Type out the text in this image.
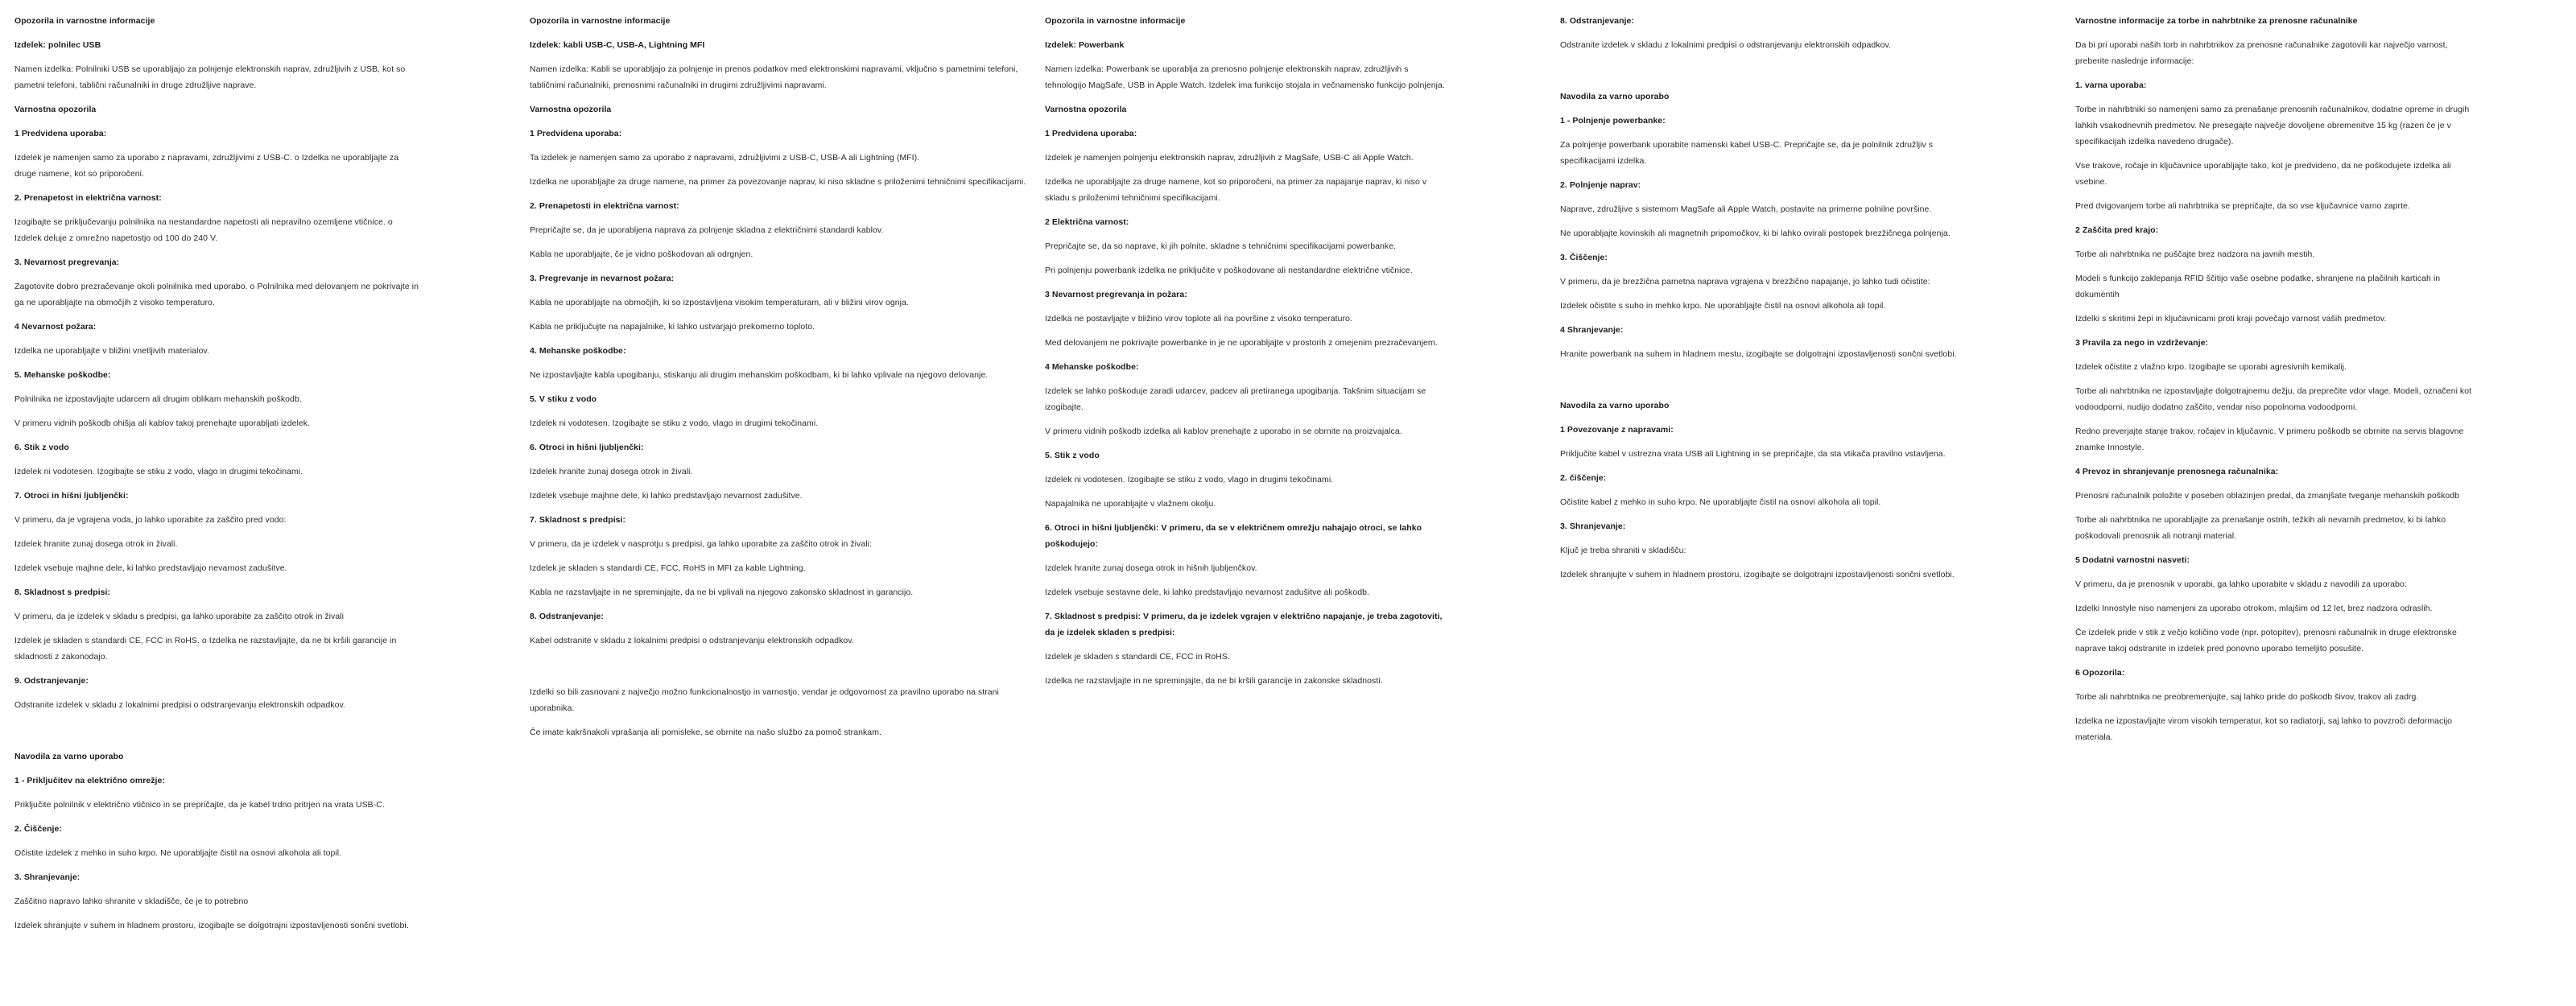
Opozorila in varnostne informacije

Izdelek: polnilec USB

Namen izdelka: Polnilniki USB se uporabljajo za polnjenje elektronskih naprav, združljivih z USB, kot so pametni telefoni, tablični računalniki in druge združljive naprave.

Varnostna opozorila

1 Predvidena uporaba:

Izdelek je namenjen samo za uporabo z napravami, združljivimi z USB-C. o Izdelka ne uporabljajte za druge namene, kot so priporočeni.

2. Prenapetost in električna varnost:

Izogibajte se priključevanju polnilnika na nestandardne napetosti ali nepravilno ozemljene vtičnice. o Izdelek deluje z omrežno napetostjo od 100 do 240 V.

3. Nevarnost pregrevanja:

Zagotovite dobro prezračevanje okoli polnilnika med uporabo. o Polnilnika med delovanjem ne pokrivajte in ga ne uporabljajte na območjih z visoko temperaturo.

4 Nevarnost požara:

Izdelka ne uporabljajte v bližini vnetljivih materialov.

5. Mehanske poškodbe:

Polnilnika ne izpostavljajte udarcem ali drugim oblikam mehanskih poškodb.

V primeru vidnih poškodb ohišja ali kablov takoj prenehajte uporabljati izdelek.

6. Stik z vodo

Izdelek ni vodotesen. Izogibajte se stiku z vodo, vlago in drugimi tekočinami.

7. Otroci in hišni ljubljenčki:

V primeru, da je vgrajena voda, jo lahko uporabite za zaščito pred vodo:

Izdelek hranite zunaj dosega otrok in živali.

Izdelek vsebuje majhne dele, ki lahko predstavljajo nevarnost zadušitve.

8. Skladnost s predpisi:

V primeru, da je izdelek v skladu s predpisi, ga lahko uporabite za zaščito otrok in živali

Izdelek je skladen s standardi CE, FCC in RoHS. o Izdelka ne razstavljajte, da ne bi kršili garancije in skladnosti z zakonodajo.

9. Odstranjevanje:

Odstranite izdelek v skladu z lokalnimi predpisi o odstranjevanju elektronskih odpadkov.

Navodila za varno uporabo

1 - Priključitev na električno omrežje:

Priključite polnilnik v električno vtičnico in se prepričajte, da je kabel trdno pritrjen na vrata USB-C.

2. Čiščenje:

Očistite izdelek z mehko in suho krpo. Ne uporabljajte čistil na osnovi alkohola ali topil.

3. Shranjevanje:

Zaščitno napravo lahko shranite v skladišče, če je to potrebno

Izdelek shranjujte v suhem in hladnem prostoru, izogibajte se dolgotrajni izpostavljenosti sončni svetlobi.

Opozorila in varnostne informacije

Izdelek: kabli USB-C, USB-A, Lightning MFI

Namen izdelka: Kabli se uporabljajo za polnjenje in prenos podatkov med elektronskimi napravami, vključno s pametnimi telefoni, tabličnimi računalniki, prenosnimi računalniki in drugimi združljivimi napravami.

Varnostna opozorila

1 Predvidena uporaba:

Ta izdelek je namenjen samo za uporabo z napravami, združljivimi z USB-C, USB-A ali Lightning (MFI).

Izdelka ne uporabljajte za druge namene, na primer za povezovanje naprav, ki niso skladne s priloženimi tehničnimi specifikacijami.

2. Prenapetosti in električna varnost:

Prepričajte se, da je uporabljena naprava za polnjenje skladna z električnimi standardi kablov.

Kabla ne uporabljajte, če je vidno poškodovan ali odrgnjen.

3. Pregrevanje in nevarnost požara:

Kabla ne uporabljajte na območjih, ki so izpostavljena visokim temperaturam, ali v bližini virov ognja.

Kabla ne priključujte na napajalnike, ki lahko ustvarjajo prekomerno toploto.

4. Mehanske poškodbe:

Ne izpostavljajte kabla upogibanju, stiskanju ali drugim mehanskim poškodbam, ki bi lahko vplivale na njegovo delovanje.

5. V stiku z vodo

Izdelek ni vodotesen. Izogibajte se stiku z vodo, vlago in drugimi tekočinami.

6. Otroci in hišni ljubljenčki:

Izdelek hranite zunaj dosega otrok in živali.

Izdelek vsebuje majhne dele, ki lahko predstavljajo nevarnost zadušitve.

7. Skladnost s predpisi:

V primeru, da je izdelek v nasprotju s predpisi, ga lahko uporabite za zaščito otrok in živali:

Izdelek je skladen s standardi CE, FCC, RoHS in MFI za kable Lightning.

Kabla ne razstavljajte in ne spreminjajte, da ne bi vplivali na njegovo zakonsko skladnost in garancijo.

8. Odstranjevanje:

Kabel odstranite v skladu z lokalnimi predpisi o odstranjevanju elektronskih odpadkov.

Izdelki so bili zasnovani z največjo možno funkcionalnostjo in varnostjo, vendar je odgovornost za pravilno uporabo na strani uporabnika.

Če imate kakršnakoli vprašanja ali pomisleke, se obrnite na našo službo za pomoč strankam.

Opozorila in varnostne informacije

Izdelek: Powerbank

Namen izdelka: Powerbank se uporablja za prenosno polnjenje elektronskih naprav, združljivih s tehnologijo MagSafe, USB in Apple Watch. Izdelek ima funkcijo stojala in večnamensko funkcijo polnjenja.

Varnostna opozorila

1 Predvidena uporaba:

Izdelek je namenjen polnjenju elektronskih naprav, združljivih z MagSafe, USB-C ali Apple Watch.

Izdelka ne uporabljajte za druge namene, kot so priporočeni, na primer za napajanje naprav, ki niso v skladu s priloženimi tehničnimi specifikacijami.

2 Električna varnost:

Prepričajte se, da so naprave, ki jih polnite, skladne s tehničnimi specifikacijami powerbanke.

Pri polnjenju powerbank izdelka ne priključite v poškodovane ali nestandardne električne vtičnice.

3 Nevarnost pregrevanja in požara:

Izdelka ne postavljajte v bližino virov toplote ali na površine z visoko temperaturo.

Med delovanjem ne pokrivajte powerbanke in je ne uporabljajte v prostorih z omejenim prezračevanjem.

4 Mehanske poškodbe:

Izdelek se lahko poškoduje zaradi udarcev, padcev ali pretiranega upogibanja. Takšnim situacijam se izogibajte.

V primeru vidnih poškodb izdelka ali kablov prenehajte z uporabo in se obrnite na proizvajalca.

5. Stik z vodo

Izdelek ni vodotesen. Izogibajte se stiku z vodo, vlago in drugimi tekočinami.

Napajalnika ne uporabljajte v vlažnem okolju.

6. Otroci in hišni ljubljenčki: V primeru, da se v električnem omrežju nahajajo otroci, se lahko poškodujejo:

Izdelek hranite zunaj dosega otrok in hišnih ljubljenčkov.

Izdelek vsebuje sestavne dele, ki lahko predstavljajo nevarnost zadušitve ali poškodb.

7. Skladnost s predpisi: V primeru, da je izdelek vgrajen v električno napajanje, je treba zagotoviti, da je izdelek skladen s predpisi:

Izdelek je skladen s standardi CE, FCC in RoHS.

Izdelka ne razstavljajte in ne spreminjajte, da ne bi kršili garancije in zakonske skladnosti.

8. Odstranjevanje:

Odstranite izdelek v skladu z lokalnimi predpisi o odstranjevanju elektronskih odpadkov.

Navodila za varno uporabo

1 - Polnjenje powerbanke:

Za polnjenje powerbank uporabite namenski kabel USB-C. Prepričajte se, da je polnilnik združljiv s specifikacijami izdelka.

2. Polnjenje naprav:

Naprave, združljive s sistemom MagSafe ali Apple Watch, postavite na primerne polnilne površine.

Ne uporabljajte kovinskih ali magnetnih pripomočkov, ki bi lahko ovirali postopek brezžičnega polnjenja.

3. Čiščenje:

V primeru, da je brezžična pametna naprava vgrajena v brezžično napajanje, jo lahko tudi očistite:

Izdelek očistite s suho in mehko krpo. Ne uporabljajte čistil na osnovi alkohola ali topil.

4 Shranjevanje:

Hranite powerbank na suhem in hladnem mestu, izogibajte se dolgotrajni izpostavljenosti sončni svetlobi.

Navodila za varno uporabo

1 Povezovanje z napravami:

Priključite kabel v ustrezna vrata USB ali Lightning in se prepričajte, da sta vtikača pravilno vstavljena.

2. čiščenje:

Očistite kabel z mehko in suho krpo. Ne uporabljajte čistil na osnovi alkohola ali topil.

3. Shranjevanje:

Ključ je treba shraniti v skladišču:

Izdelek shranjujte v suhem in hladnem prostoru, izogibajte se dolgotrajni izpostavljenosti sončni svetlobi.

Varnostne informacije za torbe in nahrbtnike za prenosne računalnike

Da bi pri uporabi naših torb in nahrbtnikov za prenosne računalnike zagotovili kar največjo varnost, preberite naslednje informacije:

1. varna uporaba:

Torbe in nahrbtniki so namenjeni samo za prenašanje prenosnih računalnikov, dodatne opreme in drugih lahkih vsakodnevnih predmetov. Ne presegajte največje dovoljene obremenitve 15 kg (razen če je v specifikacijah izdelka navedeno drugače).

Vse trakove, ročaje in ključavnice uporabljajte tako, kot je predvideno, da ne poškodujete izdelka ali vsebine.

Pred dvigovanjem torbe ali nahrbtnika se prepričajte, da so vse ključavnice varno zaprte.

2 Zaščita pred krajo:

Torbe ali nahrbtnika ne puščajte brez nadzora na javnih mestih.

Modeli s funkcijo zaklepanja RFID ščitijo vaše osebne podatke, shranjene na plačilnih karticah in dokumentih

Izdelki s skritimi žepi in ključavnicami proti kraji povečajo varnost vaših predmetov.

3 Pravila za nego in vzdrževanje:

Izdelek očistite z vlažno krpo. Izogibajte se uporabi agresivnih kemikalij.

Torbe ali nahrbtnika ne izpostavljajte dolgotrajnemu dežju, da preprečite vdor vlage. Modeli, označeni kot vodoodporni, nudijo dodatno zaščito, vendar niso popolnoma vodoodporni.

Redno preverjajte stanje trakov, ročajev in ključavnic. V primeru poškodb se obrnite na servis blagovne znamke Innostyle.

4 Prevoz in shranjevanje prenosnega računalnika:

Prenosni računalnik položite v poseben oblazinjen predal, da zmanjšate tveganje mehanskih poškodb

Torbe ali nahrbtnika ne uporabljajte za prenašanje ostrih, težkih ali nevarnih predmetov, ki bi lahko poškodovali prenosnik ali notranji material.

5 Dodatni varnostni nasveti:

V primeru, da je prenosnik v uporabi, ga lahko uporabite v skladu z navodili za uporabo:

Izdelki Innostyle niso namenjeni za uporabo otrokom, mlajšim od 12 let, brez nadzora odraslih.

Če izdelek pride v stik z večjo količino vode (npr. potopitev), prenosni računalnik in druge elektronske naprave takoj odstranite in izdelek pred ponovno uporabo temeljito posušite.

6 Opozorila:

Torbe ali nahrbtnika ne preobremenjujte, saj lahko pride do poškodb šivov, trakov ali zadrg.

Izdelka ne izpostavljajte virom visokih temperatur, kot so radiatorji, saj lahko to povzroči deformacijo materiala.
